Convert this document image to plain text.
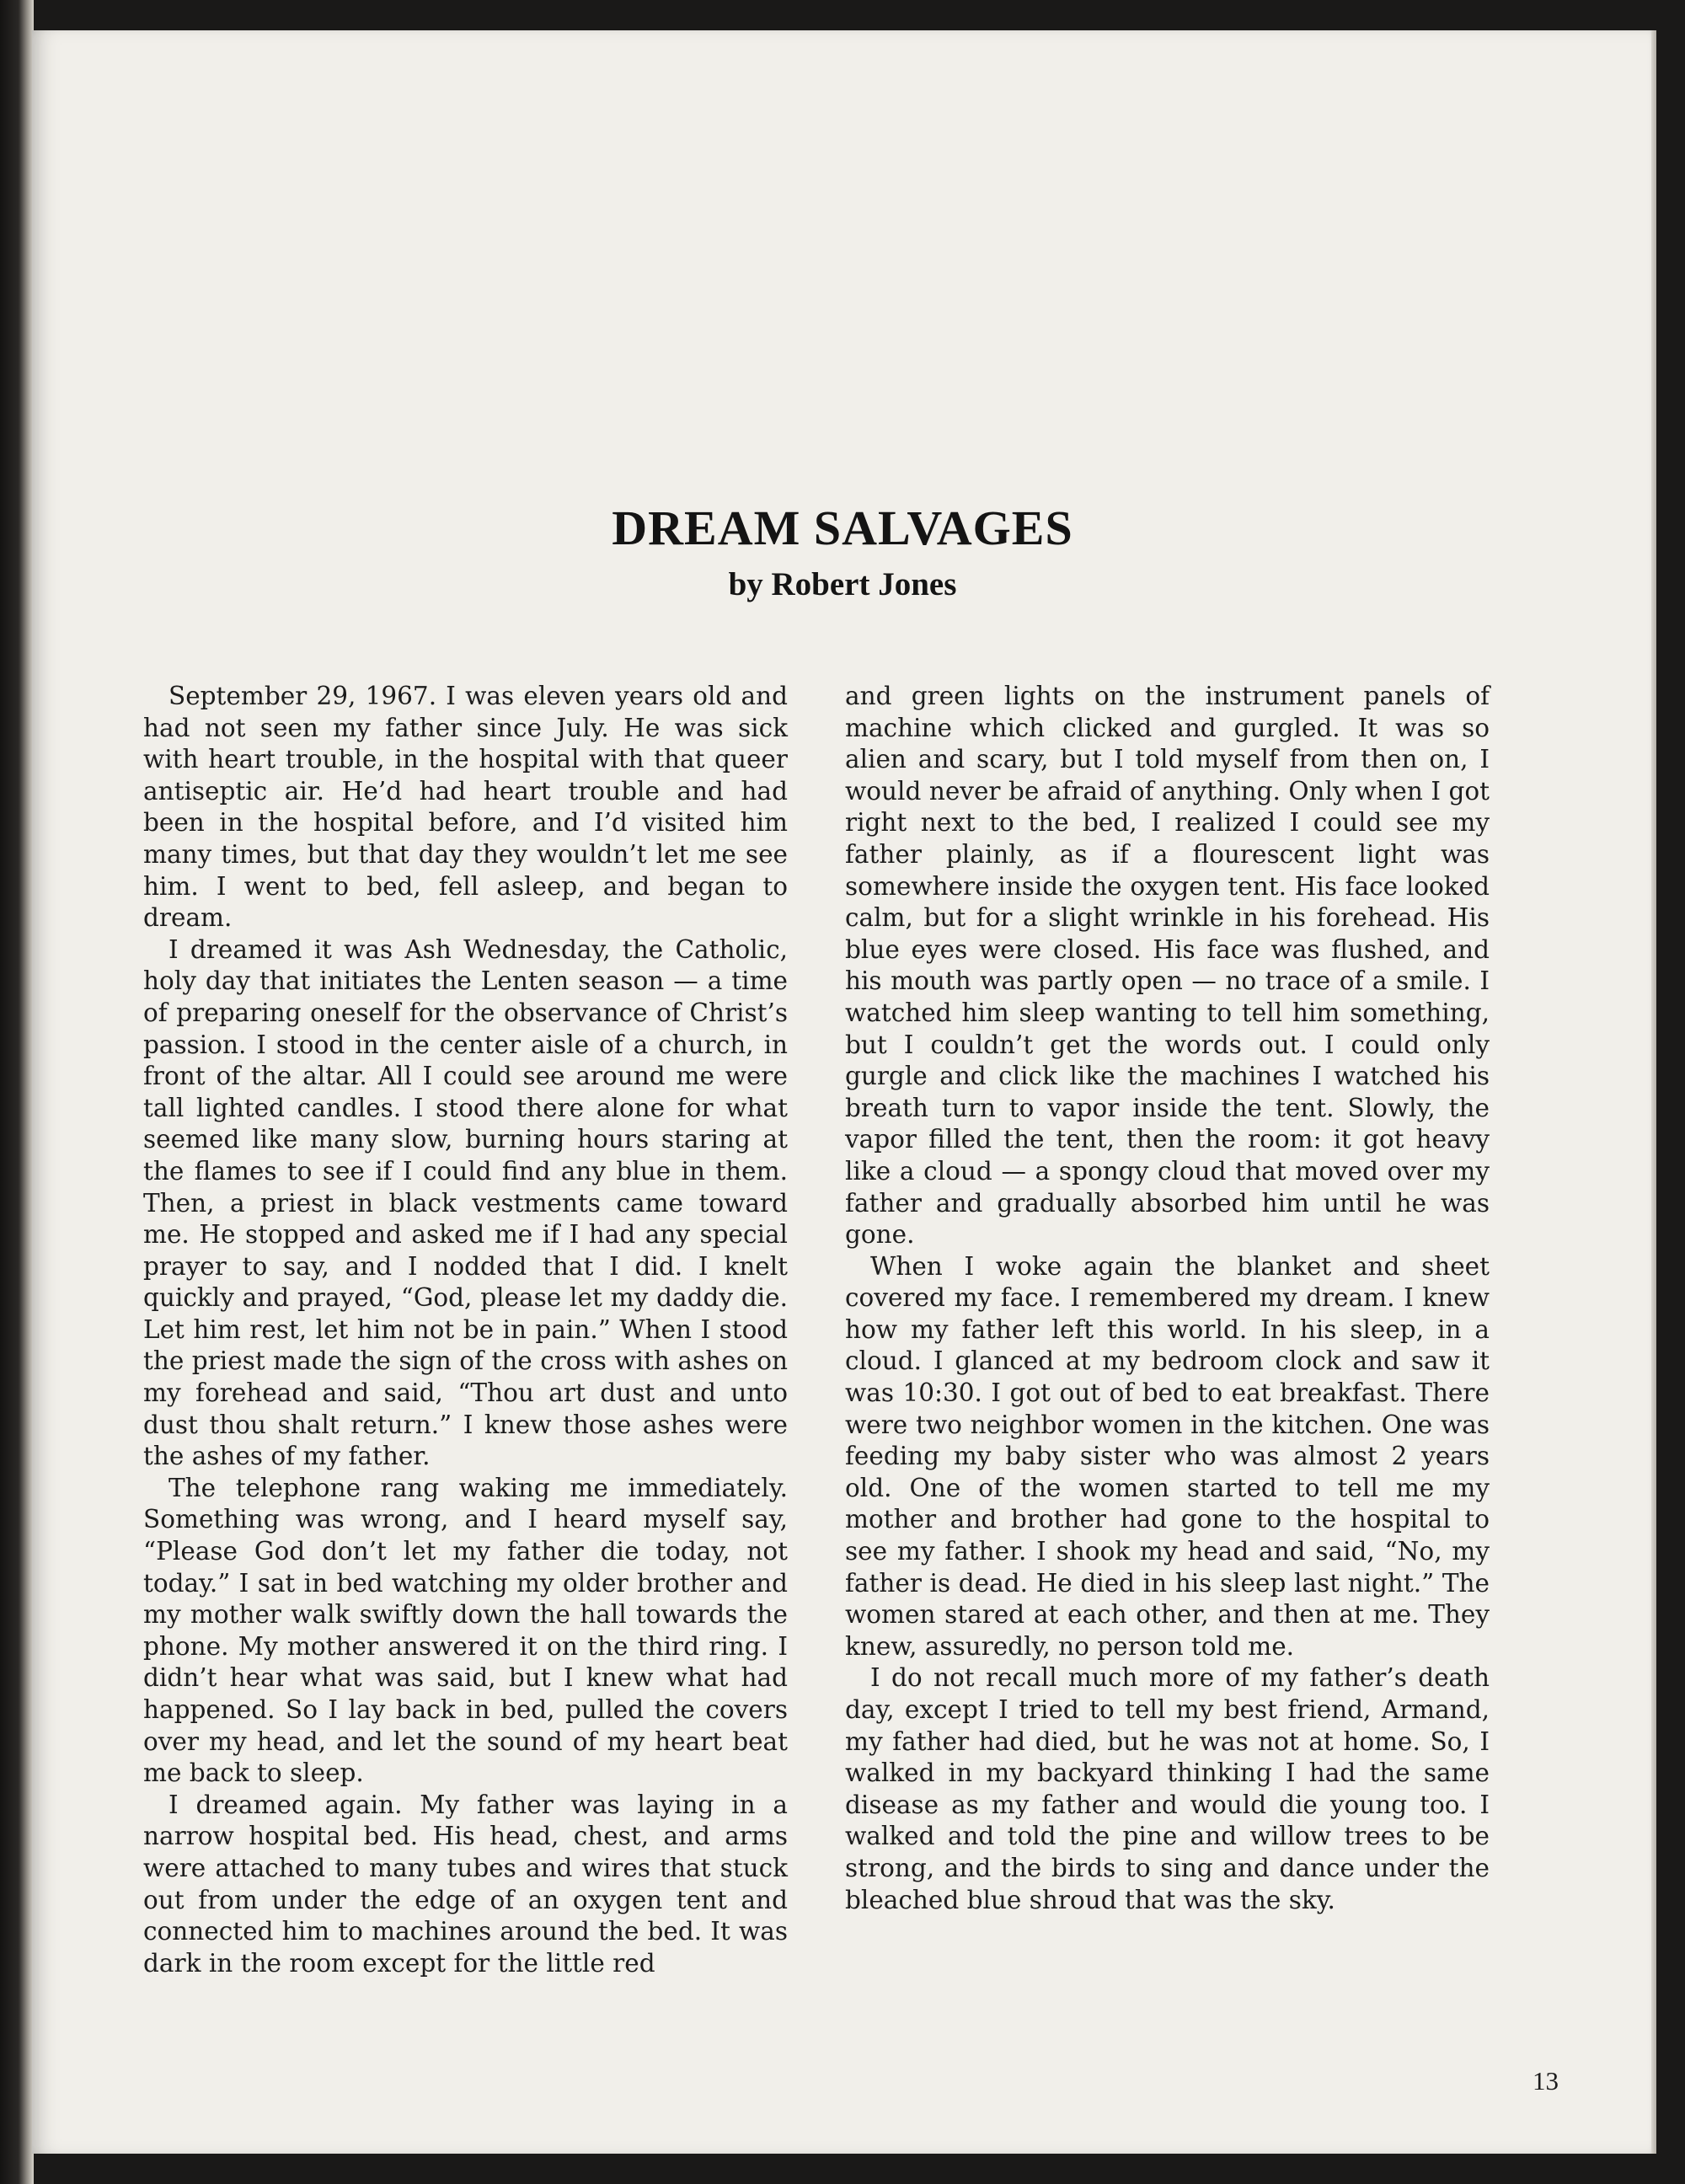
DREAM SALVAGES
by Robert Jones

September 29, 1967. I was eleven years old and had not seen my father since July. He was sick with heart trouble, in the hospital with that queer antiseptic air. He’d had heart trouble and had been in the hospital before, and I’d visited him many times, but that day they wouldn’t let me see him. I went to bed, fell asleep, and began to dream.

I dreamed it was Ash Wednesday, the Catholic, holy day that initiates the Lenten season — a time of preparing oneself for the observance of Christ’s passion. I stood in the center aisle of a church, in front of the altar. All I could see around me were tall lighted candles. I stood there alone for what seemed like many slow, burning hours staring at the flames to see if I could find any blue in them. Then, a priest in black vestments came toward me. He stopped and asked me if I had any special prayer to say, and I nodded that I did. I knelt quickly and prayed, “God, please let my daddy die. Let him rest, let him not be in pain.” When I stood the priest made the sign of the cross with ashes on my forehead and said, “Thou art dust and unto dust thou shalt return.” I knew those ashes were the ashes of my father.

The telephone rang waking me immediately. Something was wrong, and I heard myself say, “Please God don’t let my father die today, not today.” I sat in bed watching my older brother and my mother walk swiftly down the hall towards the phone. My mother answered it on the third ring. I didn’t hear what was said, but I knew what had happened. So I lay back in bed, pulled the covers over my head, and let the sound of my heart beat me back to sleep.

I dreamed again. My father was laying in a narrow hospital bed. His head, chest, and arms were attached to many tubes and wires that stuck out from under the edge of an oxygen tent and connected him to machines around the bed. It was dark in the room except for the little red

and green lights on the instrument panels of machine which clicked and gurgled. It was so alien and scary, but I told myself from then on, I would never be afraid of anything. Only when I got right next to the bed, I realized I could see my father plainly, as if a flourescent light was somewhere inside the oxygen tent. His face looked calm, but for a slight wrinkle in his forehead. His blue eyes were closed. His face was flushed, and his mouth was partly open — no trace of a smile. I watched him sleep wanting to tell him something, but I couldn’t get the words out. I could only gurgle and click like the machines I watched his breath turn to vapor inside the tent. Slowly, the vapor filled the tent, then the room: it got heavy like a cloud — a spongy cloud that moved over my father and gradually absorbed him until he was gone.

When I woke again the blanket and sheet covered my face. I remembered my dream. I knew how my father left this world. In his sleep, in a cloud. I glanced at my bedroom clock and saw it was 10:30. I got out of bed to eat breakfast. There were two neighbor women in the kitchen. One was feeding my baby sister who was almost 2 years old. One of the women started to tell me my mother and brother had gone to the hospital to see my father. I shook my head and said, “No, my father is dead. He died in his sleep last night.” The women stared at each other, and then at me. They knew, assuredly, no person told me.

I do not recall much more of my father’s death day, except I tried to tell my best friend, Armand, my father had died, but he was not at home. So, I walked in my backyard thinking I had the same disease as my father and would die young too. I walked and told the pine and willow trees to be strong, and the birds to sing and dance under the bleached blue shroud that was the sky.

13
